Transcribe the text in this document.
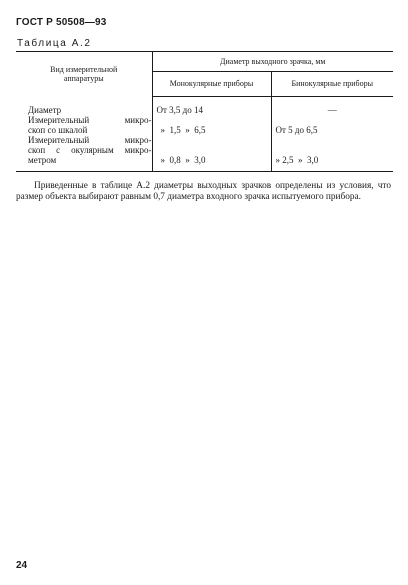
ГОСТ Р 50508—93
Таблица А.2
Вид измерительной
аппаратуры	Диаметр выходного зрачка, мм	
	Монокулярные приборы	Бинокулярные приборы

Диаметр	От 3,5 до 14	—

Измерительный микро-
скоп со шкалой	»  1,5  »  6,5	От 5 до 6,5

Измерительный микро-
скоп с окулярным микро-
метром	»  0,8  »  3,0	» 2,5  »  3,0

Приведенные в таблице А.2 диаметры выходных зрачков определены из условия, что размер объекта выбирают равным 0,7 диаметра входного зрачка испытуемого прибора.
24
